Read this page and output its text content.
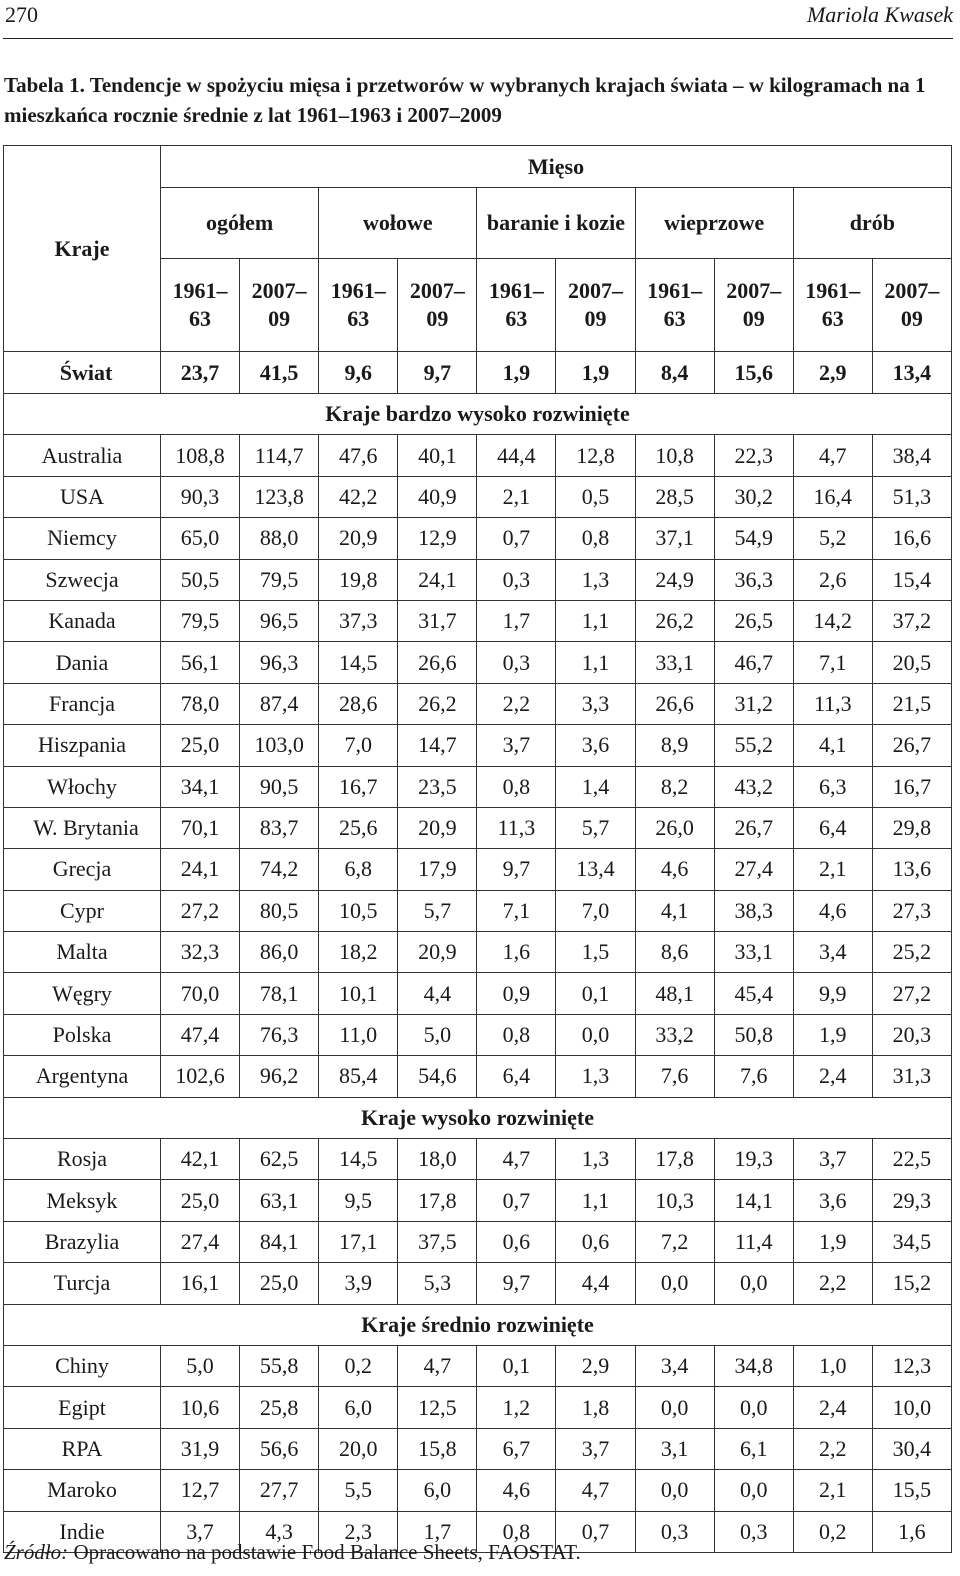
270	Mariola Kwasek
Tabela 1. Tendencje w spożyciu mięsa i przetworów w wybranych krajach świata – w kilogramach na 1 mieszkańca rocznie średnie z lat 1961–1963 i 2007–2009
Kraje	Mięso									
	ogółem		wołowe		baranie i kozie		wieprzowe		drób	
	1961– 63	2007– 09	1961– 63	2007– 09	1961– 63	2007– 09	1961– 63	2007– 09	1961– 63	2007– 09
Świat	23,7	41,5	9,6	9,7	1,9	1,9	8,4	15,6	2,9	13,4
Kraje bardzo wysoko rozwinięte										
Australia	108,8	114,7	47,6	40,1	44,4	12,8	10,8	22,3	4,7	38,4
USA	90,3	123,8	42,2	40,9	2,1	0,5	28,5	30,2	16,4	51,3
Niemcy	65,0	88,0	20,9	12,9	0,7	0,8	37,1	54,9	5,2	16,6
Szwecja	50,5	79,5	19,8	24,1	0,3	1,3	24,9	36,3	2,6	15,4
Kanada	79,5	96,5	37,3	31,7	1,7	1,1	26,2	26,5	14,2	37,2
Dania	56,1	96,3	14,5	26,6	0,3	1,1	33,1	46,7	7,1	20,5
Francja	78,0	87,4	28,6	26,2	2,2	3,3	26,6	31,2	11,3	21,5
Hiszpania	25,0	103,0	7,0	14,7	3,7	3,6	8,9	55,2	4,1	26,7
Włochy	34,1	90,5	16,7	23,5	0,8	1,4	8,2	43,2	6,3	16,7
W. Brytania	70,1	83,7	25,6	20,9	11,3	5,7	26,0	26,7	6,4	29,8
Grecja	24,1	74,2	6,8	17,9	9,7	13,4	4,6	27,4	2,1	13,6
Cypr	27,2	80,5	10,5	5,7	7,1	7,0	4,1	38,3	4,6	27,3
Malta	32,3	86,0	18,2	20,9	1,6	1,5	8,6	33,1	3,4	25,2
Węgry	70,0	78,1	10,1	4,4	0,9	0,1	48,1	45,4	9,9	27,2
Polska	47,4	76,3	11,0	5,0	0,8	0,0	33,2	50,8	1,9	20,3
Argentyna	102,6	96,2	85,4	54,6	6,4	1,3	7,6	7,6	2,4	31,3
Kraje wysoko rozwinięte										
Rosja	42,1	62,5	14,5	18,0	4,7	1,3	17,8	19,3	3,7	22,5
Meksyk	25,0	63,1	9,5	17,8	0,7	1,1	10,3	14,1	3,6	29,3
Brazylia	27,4	84,1	17,1	37,5	0,6	0,6	7,2	11,4	1,9	34,5
Turcja	16,1	25,0	3,9	5,3	9,7	4,4	0,0	0,0	2,2	15,2
Kraje średnio rozwinięte										
Chiny	5,0	55,8	0,2	4,7	0,1	2,9	3,4	34,8	1,0	12,3
Egipt	10,6	25,8	6,0	12,5	1,2	1,8	0,0	0,0	2,4	10,0
RPA	31,9	56,6	20,0	15,8	6,7	3,7	3,1	6,1	2,2	30,4
Maroko	12,7	27,7	5,5	6,0	4,6	4,7	0,0	0,0	2,1	15,5
Indie	3,7	4,3	2,3	1,7	0,8	0,7	0,3	0,3	0,2	1,6
Źródło: Opracowano na podstawie Food Balance Sheets, FAOSTAT.
